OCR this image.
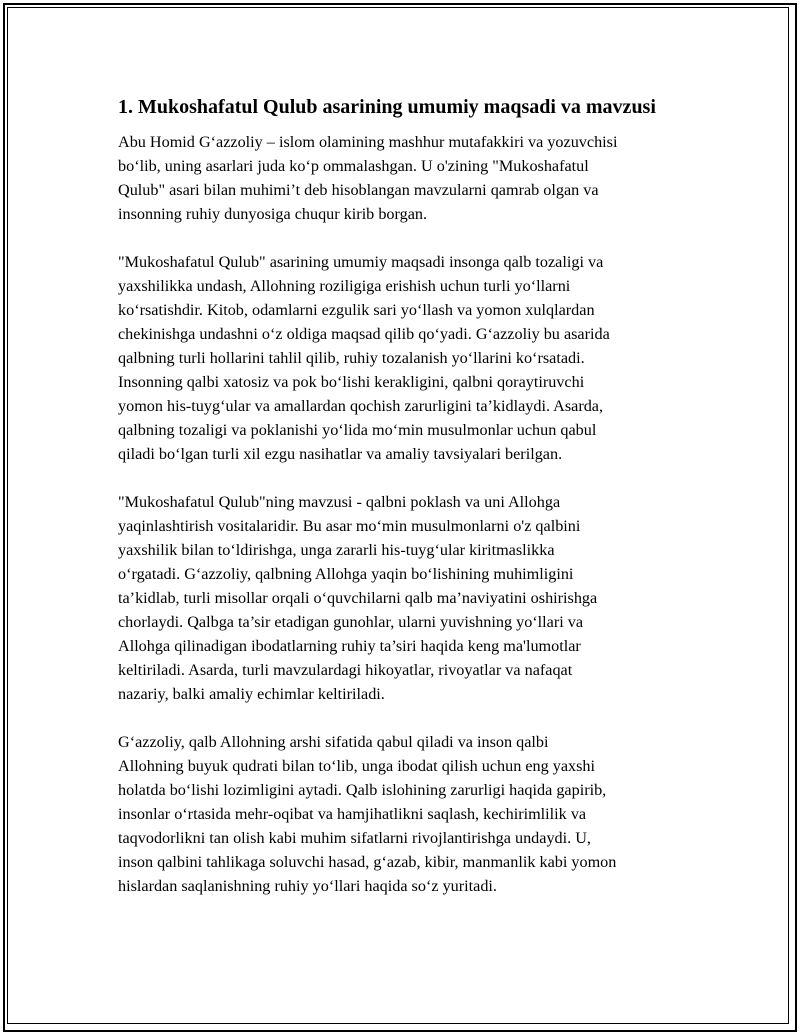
1. Mukoshafatul Qulub asarining umumiy maqsadi va mavzusi

Abu Homid G‘azzoliy – islom olamining mashhur mutafakkiri va yozuvchisi
bo‘lib, uning asarlari juda ko‘p ommalashgan. U o'zining "Mukoshafatul
Qulub" asari bilan muhimi’t deb hisoblangan mavzularni qamrab olgan va
insonning ruhiy dunyosiga chuqur kirib borgan.

"Mukoshafatul Qulub" asarining umumiy maqsadi insonga qalb tozaligi va
yaxshilikka undash, Allohning roziligiga erishish uchun turli yo‘llarni
ko‘rsatishdir. Kitob, odamlarni ezgulik sari yo‘llash va yomon xulqlardan
chekinishga undashni o‘z oldiga maqsad qilib qo‘yadi. G‘azzoliy bu asarida
qalbning turli hollarini tahlil qilib, ruhiy tozalanish yo‘llarini ko‘rsatadi.
Insonning qalbi xatosiz va pok bo‘lishi kerakligini, qalbni qoraytiruvchi
yomon his-tuyg‘ular va amallardan qochish zarurligini ta’kidlaydi. Asarda,
qalbning tozaligi va poklanishi yo‘lida mo‘min musulmonlar uchun qabul
qiladi bo‘lgan turli xil ezgu nasihatlar va amaliy tavsiyalari berilgan.

"Mukoshafatul Qulub"ning mavzusi - qalbni poklash va uni Allohga
yaqinlashtirish vositalaridir. Bu asar mo‘min musulmonlarni o'z qalbini
yaxshilik bilan to‘ldirishga, unga zararli his-tuyg‘ular kiritmaslikka
o‘rgatadi. G‘azzoliy, qalbning Allohga yaqin bo‘lishining muhimligini
ta’kidlab, turli misollar orqali o‘quvchilarni qalb ma’naviyatini oshirishga
chorlaydi. Qalbga ta’sir etadigan gunohlar, ularni yuvishning yo‘llari va
Allohga qilinadigan ibodatlarning ruhiy ta’siri haqida keng ma'lumotlar
keltiriladi. Asarda, turli mavzulardagi hikoyatlar, rivoyatlar va nafaqat
nazariy, balki amaliy echimlar keltiriladi.

G‘azzoliy, qalb Allohning arshi sifatida qabul qiladi va inson qalbi
Allohning buyuk qudrati bilan to‘lib, unga ibodat qilish uchun eng yaxshi
holatda bo‘lishi lozimligini aytadi. Qalb islohining zarurligi haqida gapirib,
insonlar o‘rtasida mehr-oqibat va hamjihatlikni saqlash, kechirimlilik va
taqvodorlikni tan olish kabi muhim sifatlarni rivojlantirishga undaydi. U,
inson qalbini tahlikaga soluvchi hasad, g‘azab, kibir, manmanlik kabi yomon
hislardan saqlanishning ruhiy yo‘llari haqida so‘z yuritadi.
